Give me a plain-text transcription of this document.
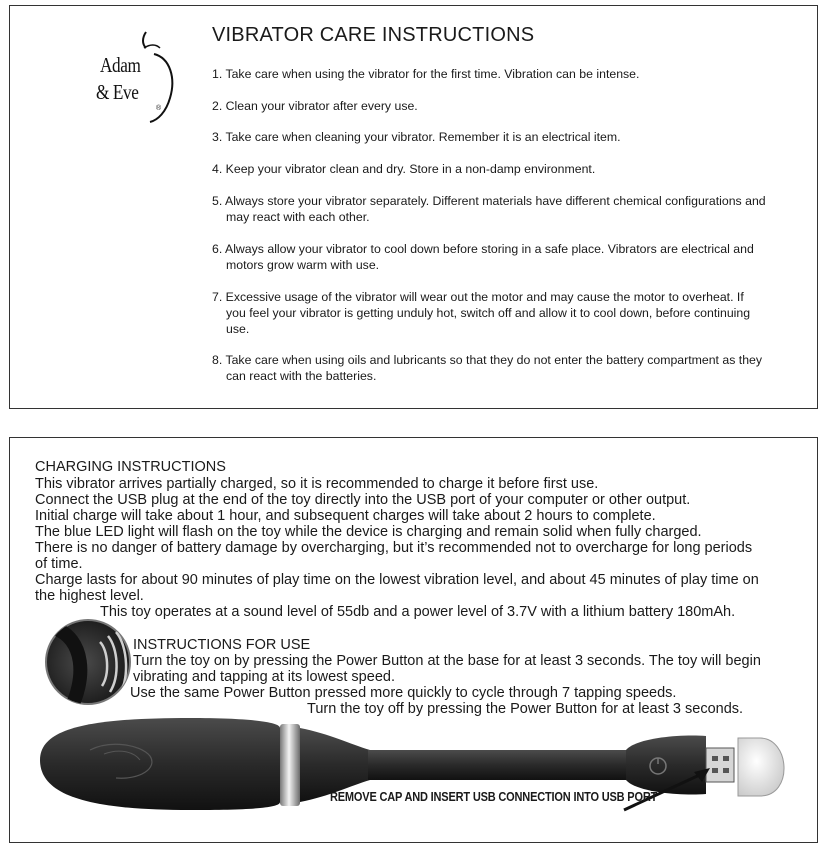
Adam
& Eve
®
VIBRATOR CARE INSTRUCTIONS
1. Take care when using the vibrator for the first time. Vibration can be intense.
2. Clean your vibrator after every use.
3. Take care when cleaning your vibrator. Remember it is an electrical item.
4. Keep your vibrator clean and dry. Store in a non-damp environment.
5. Always store your vibrator separately. Different materials have different chemical configurations and may react with each other.
6. Always allow your vibrator to cool down before storing in a safe place. Vibrators are electrical and motors grow warm with use.
7. Excessive usage of the vibrator will wear out the motor and may cause the motor to overheat. If you feel your vibrator is getting unduly hot, switch off and allow it to cool down, before continuing use.
8. Take care when using oils and lubricants so that they do not enter the battery compartment as they can react with the batteries.
CHARGING INSTRUCTIONS
This vibrator arrives partially charged, so it is recommended to charge it before first use.
Connect the USB plug at the end of the toy directly into the USB port of your computer or other output.
Initial charge will take about 1 hour, and subsequent charges will take about 2 hours to complete.
The blue LED light will flash on the toy while the device is charging and remain solid when fully charged.
There is no danger of battery damage by overcharging, but it’s recommended not to overcharge for long periods of time.
Charge lasts for about 90 minutes of play time on the lowest vibration level, and about 45 minutes of play time on the highest level.
This toy operates at a sound level of 55db and a power level of 3.7V with a lithium battery 180mAh.
INSTRUCTIONS FOR USE
Turn the toy on by pressing the Power Button at the base for at least 3 seconds. The toy will begin vibrating and tapping at its lowest speed.
Use the same Power Button pressed more quickly to cycle through 7 tapping speeds.
Turn the toy off by pressing the Power Button for at least 3 seconds.
REMOVE CAP AND INSERT USB CONNECTION INTO USB PORT
